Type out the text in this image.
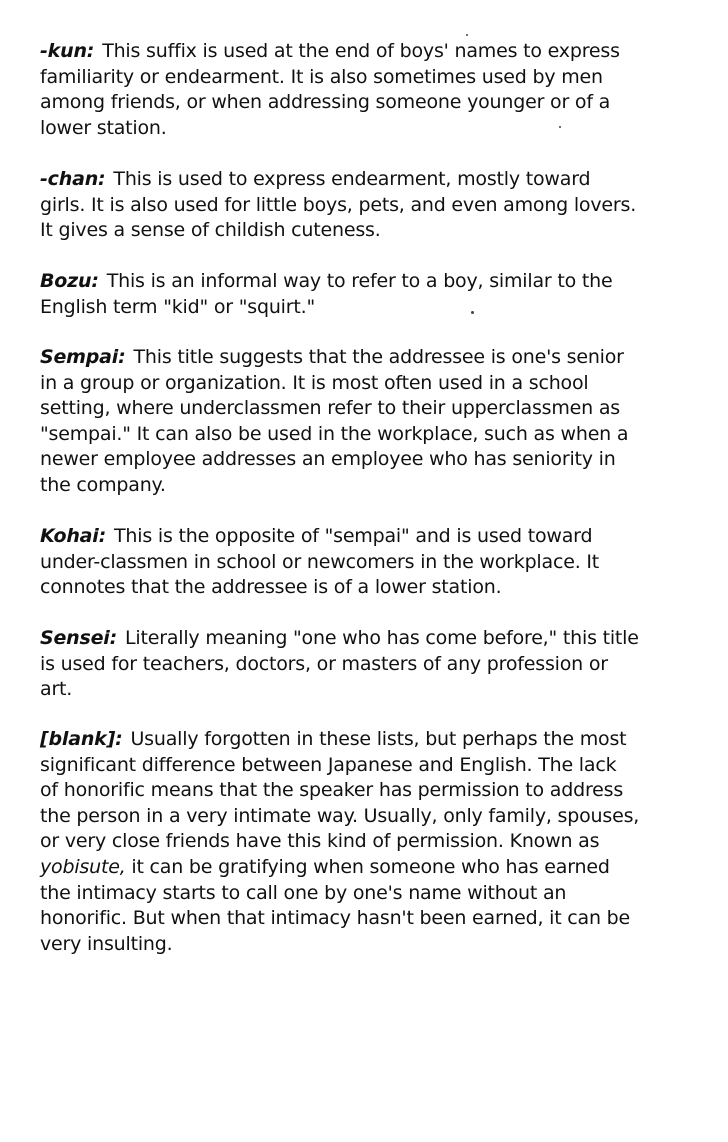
-kun: This suffix is used at the end of boys' names to express familiarity or endearment. It is also sometimes used by men among friends, or when addressing someone younger or of a lower station.

-chan: This is used to express endearment, mostly toward girls. It is also used for little boys, pets, and even among lovers. It gives a sense of childish cuteness.

Bozu: This is an informal way to refer to a boy, similar to the English term "kid" or "squirt."

Sempai: This title suggests that the addressee is one's senior in a group or organization. It is most often used in a school setting, where underclassmen refer to their upperclassmen as "sempai." It can also be used in the workplace, such as when a newer employee addresses an employee who has seniority in the company.

Kohai: This is the opposite of "sempai" and is used toward under-classmen in school or newcomers in the workplace. It connotes that the addressee is of a lower station.

Sensei: Literally meaning "one who has come before," this title is used for teachers, doctors, or masters of any profession or art.

[blank]: Usually forgotten in these lists, but perhaps the most significant difference between Japanese and English. The lack of honorific means that the speaker has permission to address the person in a very intimate way. Usually, only family, spouses, or very close friends have this kind of permission. Known as yobisute, it can be gratifying when someone who has earned the intimacy starts to call one by one's name without an honorific. But when that intimacy hasn't been earned, it can be very insulting.
